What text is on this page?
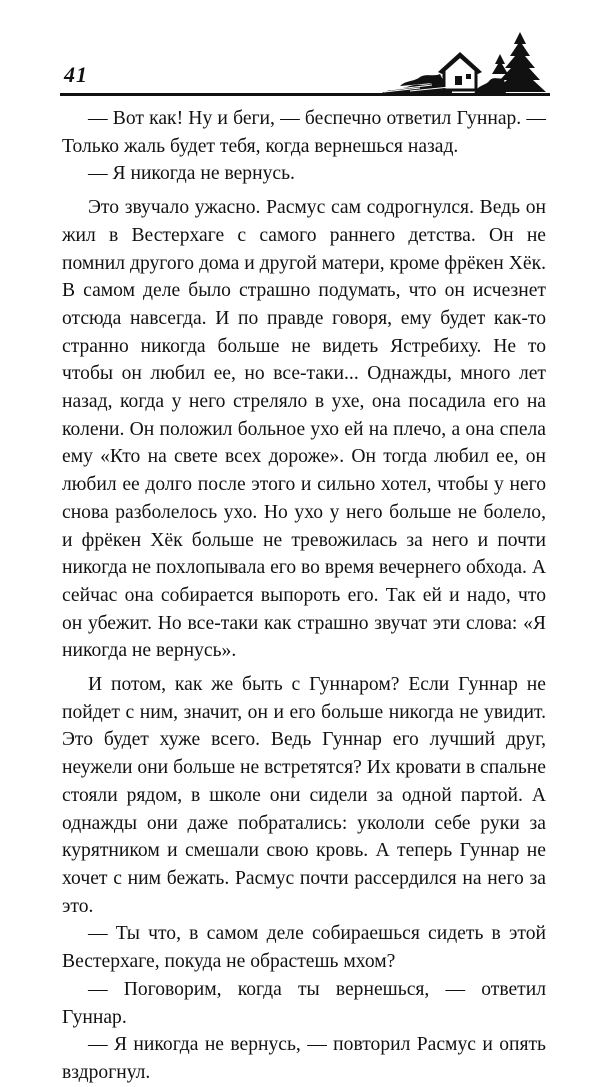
41

— Вот как! Ну и беги, — беспечно ответил Гуннар. — Только жаль будет тебя, когда вернешься назад.

— Я никогда не вернусь.

Это звучало ужасно. Расмус сам содрогнулся. Ведь он жил в Вестерхаге с самого раннего детства. Он не помнил другого дома и другой матери, кроме фрёкен Хёк. В самом деле было страшно подумать, что он исчезнет отсюда навсегда. И по правде говоря, ему будет как-то странно никогда больше не видеть Ястребиху. Не то чтобы он любил ее, но все-таки... Однажды, много лет назад, когда у него стреляло в ухе, она посадила его на колени. Он положил больное ухо ей на плечо, а она спела ему «Кто на свете всех дороже». Он тогда любил ее, он любил ее долго после этого и сильно хотел, чтобы у него снова разболелось ухо. Но ухо у него больше не болело, и фрёкен Хёк больше не тревожилась за него и почти никогда не похлопывала его во время вечернего обхода. А сейчас она собирается выпороть его. Так ей и надо, что он убежит. Но все-таки как страшно звучат эти слова: «Я никогда не вернусь».

И потом, как же быть с Гуннаром? Если Гуннар не пойдет с ним, значит, он и его больше никогда не увидит. Это будет хуже всего. Ведь Гуннар его лучший друг, неужели они больше не встретятся? Их кровати в спальне стояли рядом, в школе они сидели за одной партой. А однажды они даже побратались: укололи себе руки за курятником и смешали свою кровь. А теперь Гуннар не хочет с ним бежать. Расмус почти рассердился на него за это.

— Ты что, в самом деле собираешься сидеть в этой Вестерхаге, покуда не обрастешь мхом?

— Поговорим, когда ты вернешься, — ответил Гуннар.

— Я никогда не вернусь, — повторил Расмус и опять вздрогнул.
